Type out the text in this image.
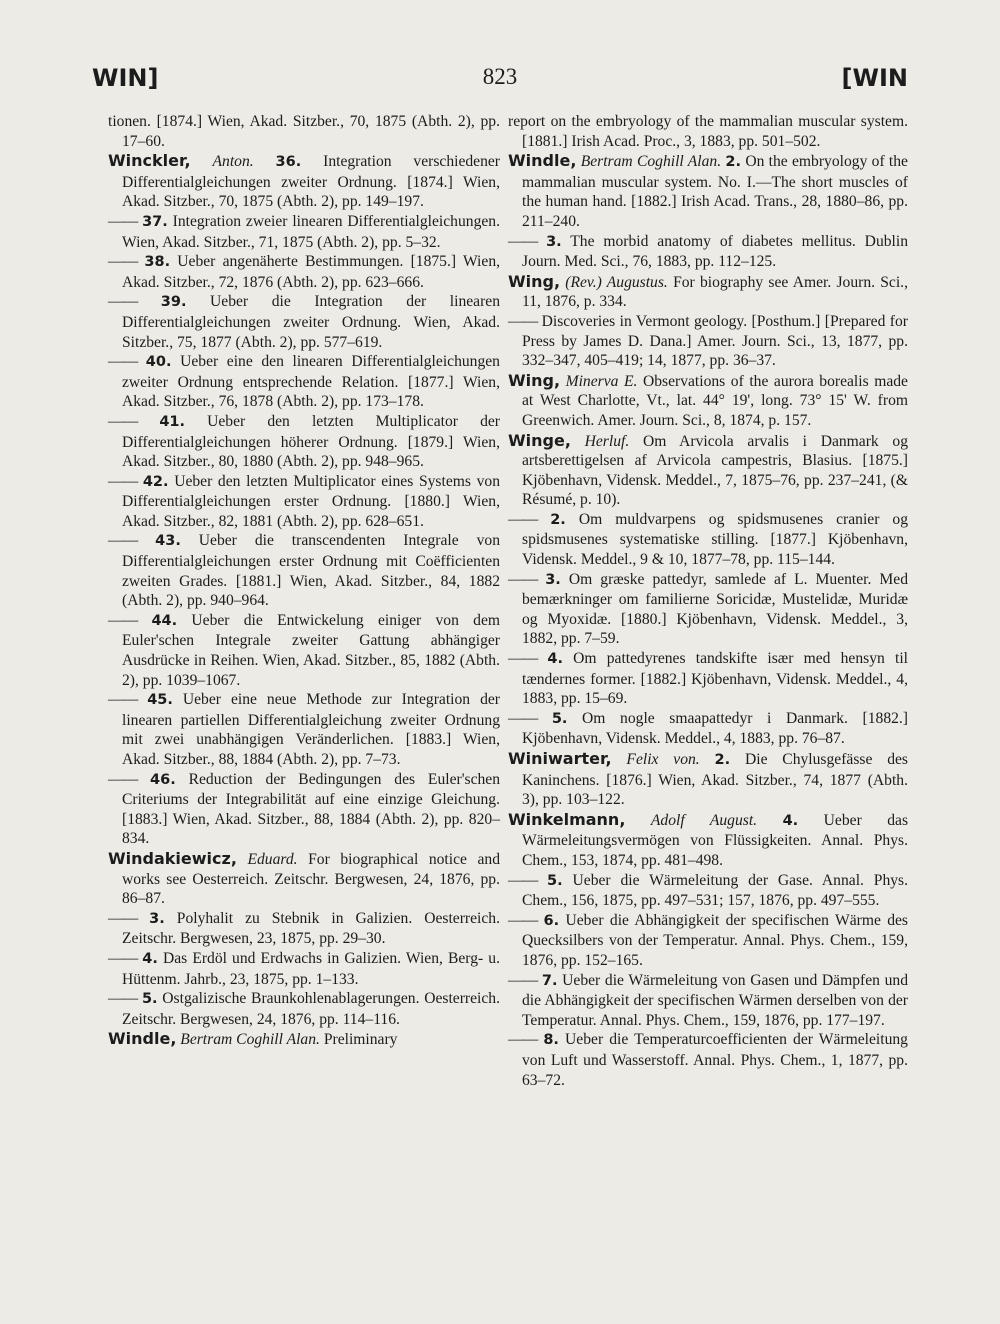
WIN]	823	[WIN

tionen. [1874.] Wien, Akad. Sitzber., 70, 1875 (Abth. 2), pp. 17–60.

Winckler, Anton. 36. Integration verschiedener Differentialgleichungen zweiter Ordnung. [1874.] Wien, Akad. Sitzber., 70, 1875 (Abth. 2), pp. 149–197.

—— 37. Integration zweier linearen Differentialgleichungen. Wien, Akad. Sitzber., 71, 1875 (Abth. 2), pp. 5–32.

—— 38. Ueber angenäherte Bestimmungen. [1875.] Wien, Akad. Sitzber., 72, 1876 (Abth. 2), pp. 623–666.

—— 39. Ueber die Integration der linearen Differentialgleichungen zweiter Ordnung. Wien, Akad. Sitzber., 75, 1877 (Abth. 2), pp. 577–619.

—— 40. Ueber eine den linearen Differentialgleichungen zweiter Ordnung entsprechende Relation. [1877.] Wien, Akad. Sitzber., 76, 1878 (Abth. 2), pp. 173–178.

—— 41. Ueber den letzten Multiplicator der Differentialgleichungen höherer Ordnung. [1879.] Wien, Akad. Sitzber., 80, 1880 (Abth. 2), pp. 948–965.

—— 42. Ueber den letzten Multiplicator eines Systems von Differentialgleichungen erster Ordnung. [1880.] Wien, Akad. Sitzber., 82, 1881 (Abth. 2), pp. 628–651.

—— 43. Ueber die transcendenten Integrale von Differentialgleichungen erster Ordnung mit Coëfficienten zweiten Grades. [1881.] Wien, Akad. Sitzber., 84, 1882 (Abth. 2), pp. 940–964.

—— 44. Ueber die Entwickelung einiger von dem Euler'schen Integrale zweiter Gattung abhängiger Ausdrücke in Reihen. Wien, Akad. Sitzber., 85, 1882 (Abth. 2), pp. 1039–1067.

—— 45. Ueber eine neue Methode zur Integration der linearen partiellen Differentialgleichung zweiter Ordnung mit zwei unabhängigen Veränderlichen. [1883.] Wien, Akad. Sitzber., 88, 1884 (Abth. 2), pp. 7–73.

—— 46. Reduction der Bedingungen des Euler'schen Criteriums der Integrabilität auf eine einzige Gleichung. [1883.] Wien, Akad. Sitzber., 88, 1884 (Abth. 2), pp. 820–834.

Windakiewicz, Eduard. For biographical notice and works see Oesterreich. Zeitschr. Bergwesen, 24, 1876, pp. 86–87.

—— 3. Polyhalit zu Stebnik in Galizien. Oesterreich. Zeitschr. Bergwesen, 23, 1875, pp. 29–30.

—— 4. Das Erdöl und Erdwachs in Galizien. Wien, Berg- u. Hüttenm. Jahrb., 23, 1875, pp. 1–133.

—— 5. Ostgalizische Braunkohlenablagerungen. Oesterreich. Zeitschr. Bergwesen, 24, 1876, pp. 114–116.

Windle, Bertram Coghill Alan. Preliminary

report on the embryology of the mammalian muscular system. [1881.] Irish Acad. Proc., 3, 1883, pp. 501–502.

Windle, Bertram Coghill Alan. 2. On the embryology of the mammalian muscular system. No. I.—The short muscles of the human hand. [1882.] Irish Acad. Trans., 28, 1880–86, pp. 211–240.

—— 3. The morbid anatomy of diabetes mellitus. Dublin Journ. Med. Sci., 76, 1883, pp. 112–125.

Wing, (Rev.) Augustus. For biography see Amer. Journ. Sci., 11, 1876, p. 334.

—— Discoveries in Vermont geology. [Posthum.] [Prepared for Press by James D. Dana.] Amer. Journ. Sci., 13, 1877, pp. 332–347, 405–419; 14, 1877, pp. 36–37.

Wing, Minerva E. Observations of the aurora borealis made at West Charlotte, Vt., lat. 44° 19', long. 73° 15' W. from Greenwich. Amer. Journ. Sci., 8, 1874, p. 157.

Winge, Herluf. Om Arvicola arvalis i Danmark og artsberettigelsen af Arvicola campestris, Blasius. [1875.] Kjöbenhavn, Vidensk. Meddel., 7, 1875–76, pp. 237–241, (& Résumé, p. 10).

—— 2. Om muldvarpens og spidsmusenes cranier og spidsmusenes systematiske stilling. [1877.] Kjöbenhavn, Vidensk. Meddel., 9 & 10, 1877–78, pp. 115–144.

—— 3. Om græske pattedyr, samlede af L. Muenter. Med bemærkninger om familierne Soricidæ, Mustelidæ, Muridæ og Myoxidæ. [1880.] Kjöbenhavn, Vidensk. Meddel., 3, 1882, pp. 7–59.

—— 4. Om pattedyrenes tandskifte især med hensyn til tændernes former. [1882.] Kjöbenhavn, Vidensk. Meddel., 4, 1883, pp. 15–69.

—— 5. Om nogle smaapattedyr i Danmark. [1882.] Kjöbenhavn, Vidensk. Meddel., 4, 1883, pp. 76–87.

Winiwarter, Felix von. 2. Die Chylusgefässe des Kaninchens. [1876.] Wien, Akad. Sitzber., 74, 1877 (Abth. 3), pp. 103–122.

Winkelmann, Adolf August. 4. Ueber das Wärmeleitungsvermögen von Flüssigkeiten. Annal. Phys. Chem., 153, 1874, pp. 481–498.

—— 5. Ueber die Wärmeleitung der Gase. Annal. Phys. Chem., 156, 1875, pp. 497–531; 157, 1876, pp. 497–555.

—— 6. Ueber die Abhängigkeit der specifischen Wärme des Quecksilbers von der Temperatur. Annal. Phys. Chem., 159, 1876, pp. 152–165.

—— 7. Ueber die Wärmeleitung von Gasen und Dämpfen und die Abhängigkeit der specifischen Wärmen derselben von der Temperatur. Annal. Phys. Chem., 159, 1876, pp. 177–197.

—— 8. Ueber die Temperaturcoefficienten der Wärmeleitung von Luft und Wasserstoff. Annal. Phys. Chem., 1, 1877, pp. 63–72.
